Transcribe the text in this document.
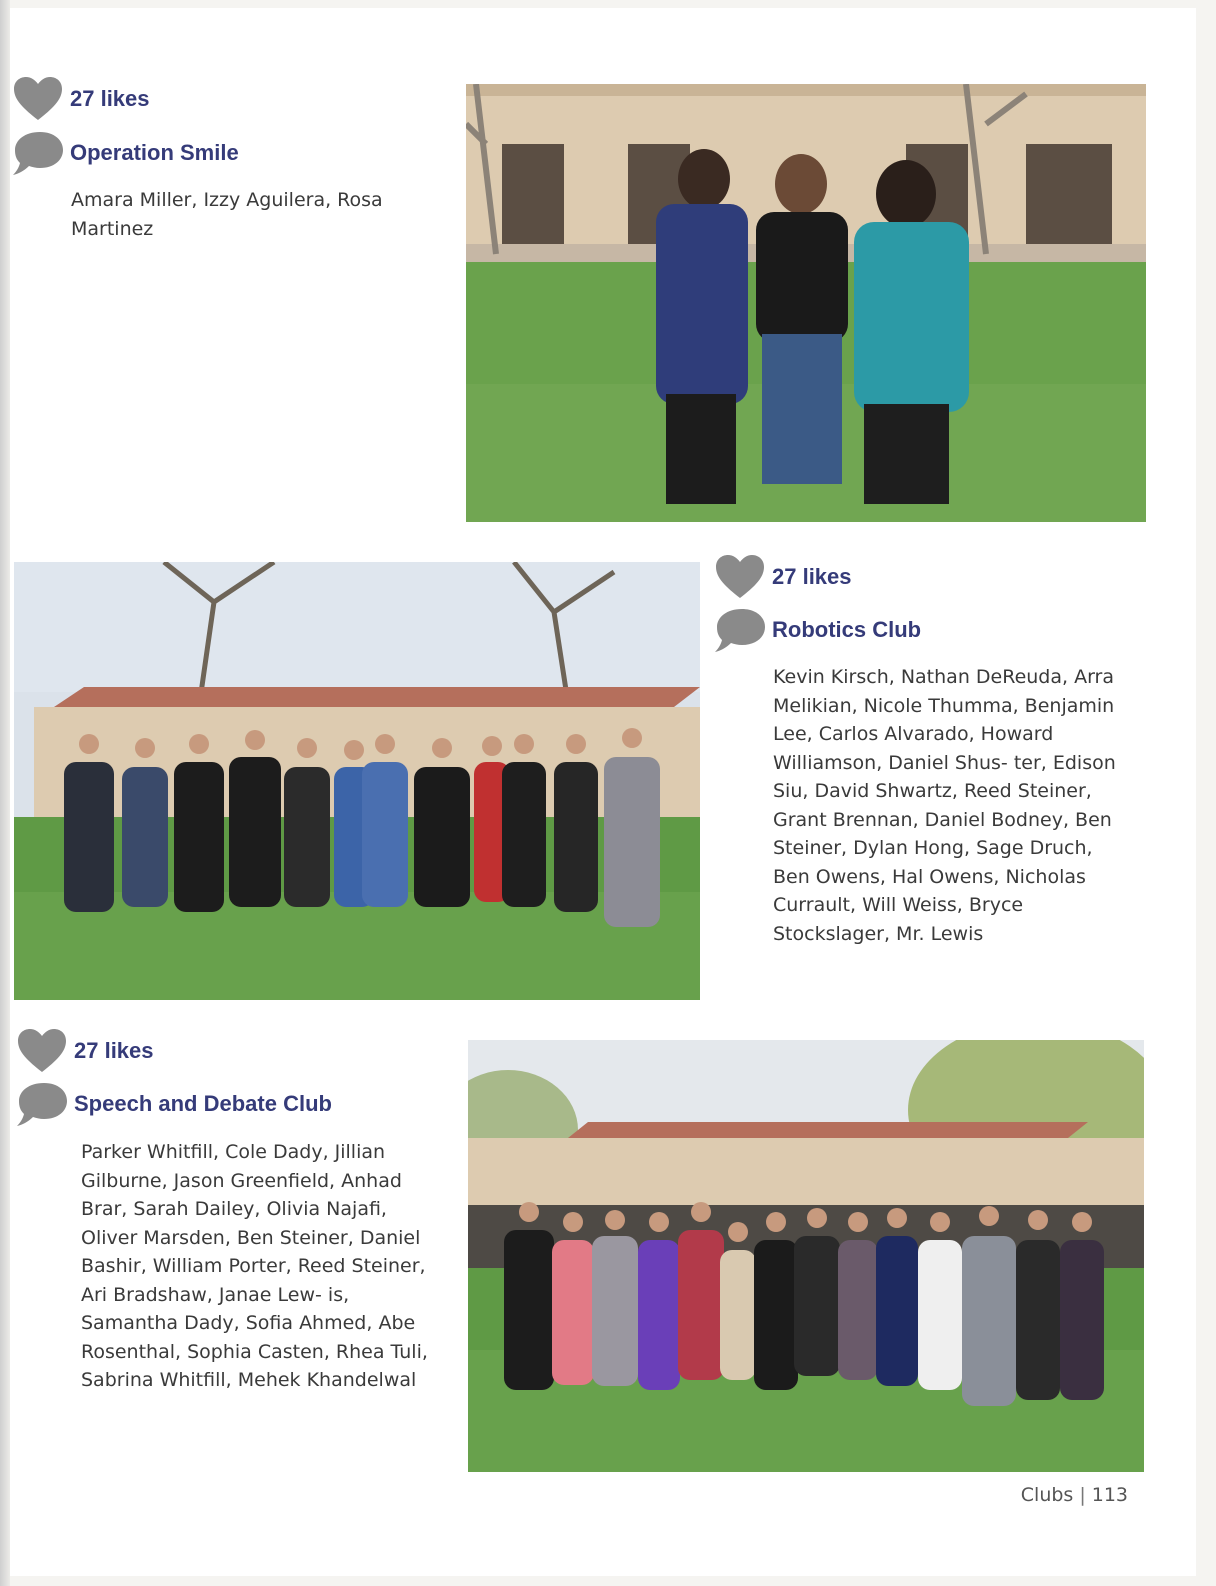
27 likes
Operation Smile

Amara Miller, Izzy Aguilera, Rosa Martinez

27 likes
Robotics Club

Kevin Kirsch, Nathan DeReuda, Arra Melikian, Nicole Thumma, Benjamin Lee, Carlos Alvarado, Howard Williamson, Daniel Shus- ter, Edison Siu, David Shwartz, Reed Steiner, Grant Brennan, Daniel Bodney, Ben Steiner, Dylan Hong, Sage Druch, Ben Owens, Hal Owens, Nicholas Currault, Will Weiss, Bryce Stockslager, Mr. Lewis

27 likes
Speech and Debate Club

Parker Whitfill, Cole Dady, Jillian Gilburne, Jason Greenfield, Anhad Brar, Sarah Dailey, Olivia Najafi, Oliver Marsden, Ben Steiner, Daniel Bashir, William Porter, Reed Steiner, Ari Bradshaw, Janae Lew- is, Samantha Dady, Sofia Ahmed, Abe Rosenthal, Sophia Casten, Rhea Tuli, Sabrina Whitfill, Mehek Khandelwal

Clubs | 113
